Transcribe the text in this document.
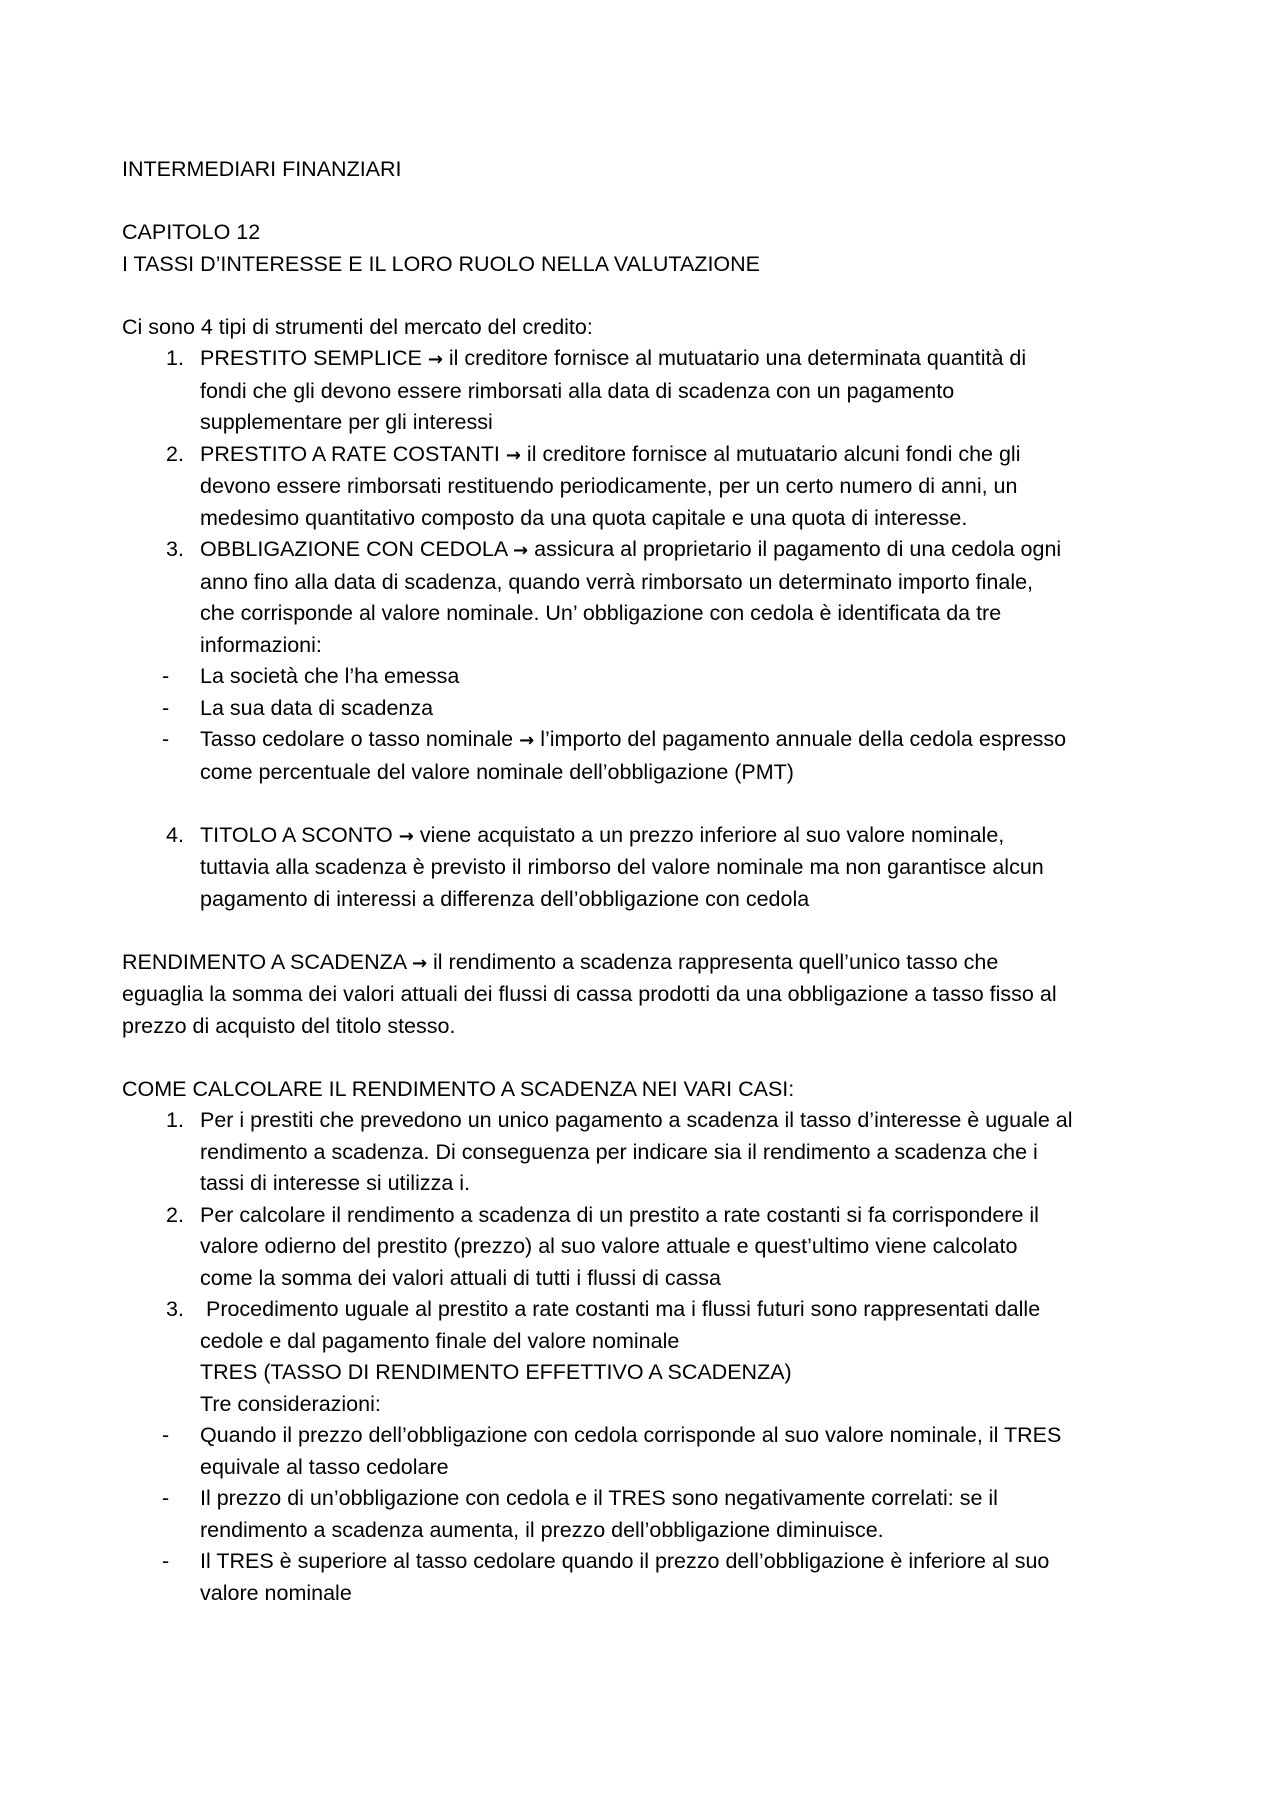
INTERMEDIARI FINANZIARI
CAPITOLO 12
I TASSI D’INTERESSE E IL LORO RUOLO NELLA VALUTAZIONE
Ci sono 4 tipi di strumenti del mercato del credito:
1. PRESTITO SEMPLICE → il creditore fornisce al mutuatario una determinata quantità di
fondi che gli devono essere rimborsati alla data di scadenza con un pagamento
supplementare per gli interessi
2. PRESTITO A RATE COSTANTI → il creditore fornisce al mutuatario alcuni fondi che gli
devono essere rimborsati restituendo periodicamente, per un certo numero di anni, un
medesimo quantitativo composto da una quota capitale e una quota di interesse.
3. OBBLIGAZIONE CON CEDOLA → assicura al proprietario il pagamento di una cedola ogni
anno fino alla data di scadenza, quando verrà rimborsato un determinato importo finale,
che corrisponde al valore nominale. Un’ obbligazione con cedola è identificata da tre
informazioni:
-	La società che l’ha emessa
-	La sua data di scadenza
-	Tasso cedolare o tasso nominale → l’importo del pagamento annuale della cedola espresso
come percentuale del valore nominale dell’obbligazione (PMT)
4. TITOLO A SCONTO → viene acquistato a un prezzo inferiore al suo valore nominale,
tuttavia alla scadenza è previsto il rimborso del valore nominale ma non garantisce alcun
pagamento di interessi a differenza dell’obbligazione con cedola
RENDIMENTO A SCADENZA → il rendimento a scadenza rappresenta quell’unico tasso che
eguaglia la somma dei valori attuali dei flussi di cassa prodotti da una obbligazione a tasso fisso al
prezzo di acquisto del titolo stesso.
COME CALCOLARE IL RENDIMENTO A SCADENZA NEI VARI CASI:
1. Per i prestiti che prevedono un unico pagamento a scadenza il tasso d’interesse è uguale al
rendimento a scadenza. Di conseguenza per indicare sia il rendimento a scadenza che i
tassi di interesse si utilizza i.
2. Per calcolare il rendimento a scadenza di un prestito a rate costanti si fa corrispondere il
valore odierno del prestito (prezzo) al suo valore attuale e quest’ultimo viene calcolato
come la somma dei valori attuali di tutti i flussi di cassa
3. Procedimento uguale al prestito a rate costanti ma i flussi futuri sono rappresentati dalle
cedole e dal pagamento finale del valore nominale
TRES (TASSO DI RENDIMENTO EFFETTIVO A SCADENZA)
Tre considerazioni:
-	Quando il prezzo dell’obbligazione con cedola corrisponde al suo valore nominale, il TRES
equivale al tasso cedolare
-	Il prezzo di un’obbligazione con cedola e il TRES sono negativamente correlati: se il
rendimento a scadenza aumenta, il prezzo dell’obbligazione diminuisce.
-	Il TRES è superiore al tasso cedolare quando il prezzo dell’obbligazione è inferiore al suo
valore nominale
